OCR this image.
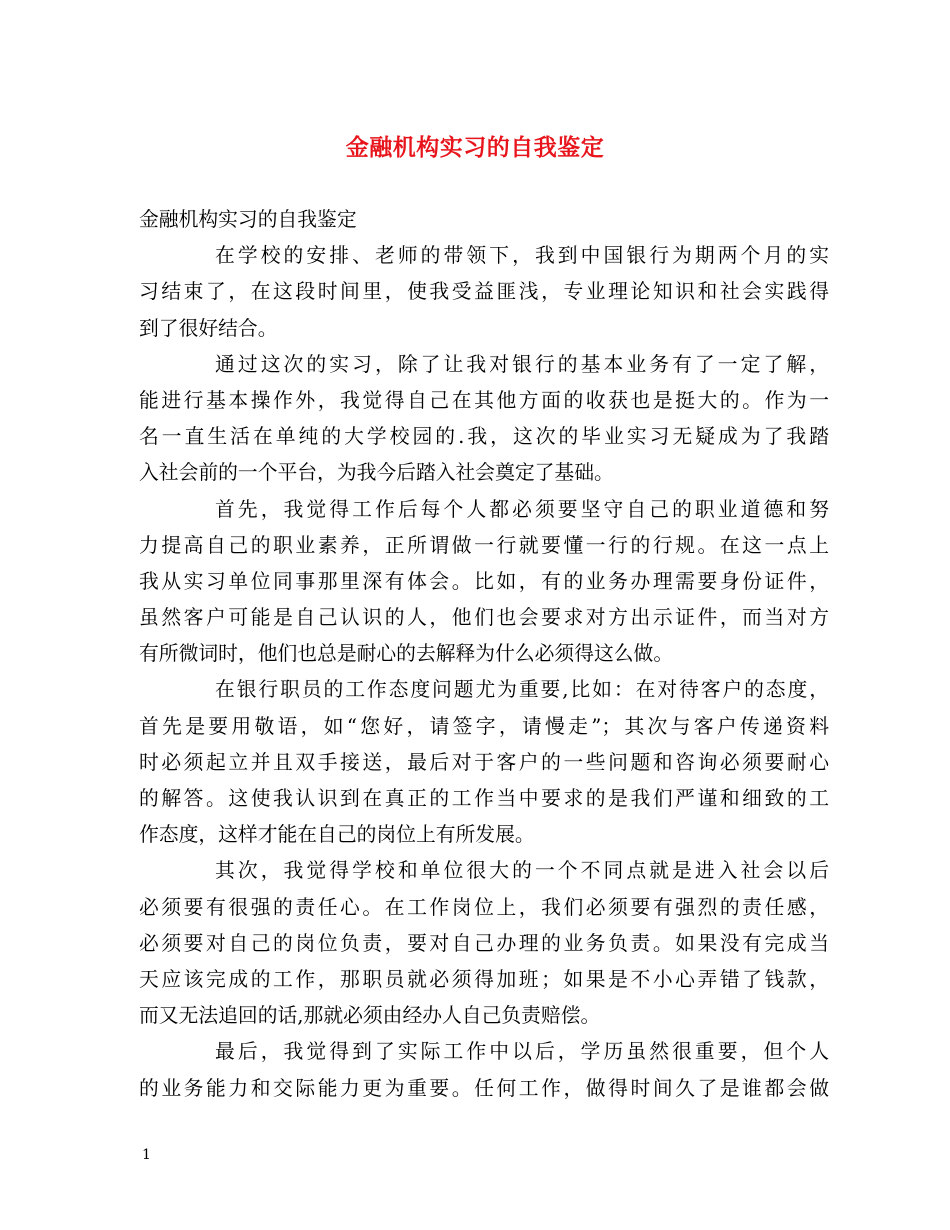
金融机构实习的自我鉴定

金融机构实习的自我鉴定

在学校的安排、老师的带领下，我到中国银行为期两个月的实

习结束了，在这段时间里，使我受益匪浅，专业理论知识和社会实践得

到了很好结合。

通过这次的实习，除了让我对银行的基本业务有了一定了解，

能进行基本操作外，我觉得自己在其他方面的收获也是挺大的。作为一

名一直生活在单纯的大学校园的.我，这次的毕业实习无疑成为了我踏

入社会前的一个平台，为我今后踏入社会奠定了基础。

首先，我觉得工作后每个人都必须要坚守自己的职业道德和努

力提高自己的职业素养，正所谓做一行就要懂一行的行规。在这一点上

我从实习单位同事那里深有体会。比如，有的业务办理需要身份证件，

虽然客户可能是自己认识的人，他们也会要求对方出示证件，而当对方

有所微词时，他们也总是耐心的去解释为什么必须得这么做。

在银行职员的工作态度问题尤为重要,比如：在对待客户的态度，

首先是要用敬语，如“您好，请签字，请慢走”；其次与客户传递资料

时必须起立并且双手接送，最后对于客户的一些问题和咨询必须要耐心

的解答。这使我认识到在真正的工作当中要求的是我们严谨和细致的工

作态度，这样才能在自己的岗位上有所发展。

其次，我觉得学校和单位很大的一个不同点就是进入社会以后

必须要有很强的责任心。在工作岗位上，我们必须要有强烈的责任感，

必须要对自己的岗位负责，要对自己办理的业务负责。如果没有完成当

天应该完成的工作，那职员就必须得加班；如果是不小心弄错了钱款，

而又无法追回的话,那就必须由经办人自己负责赔偿。

最后，我觉得到了实际工作中以后，学历虽然很重要，但个人

的业务能力和交际能力更为重要。任何工作，做得时间久了是谁都会做

1
